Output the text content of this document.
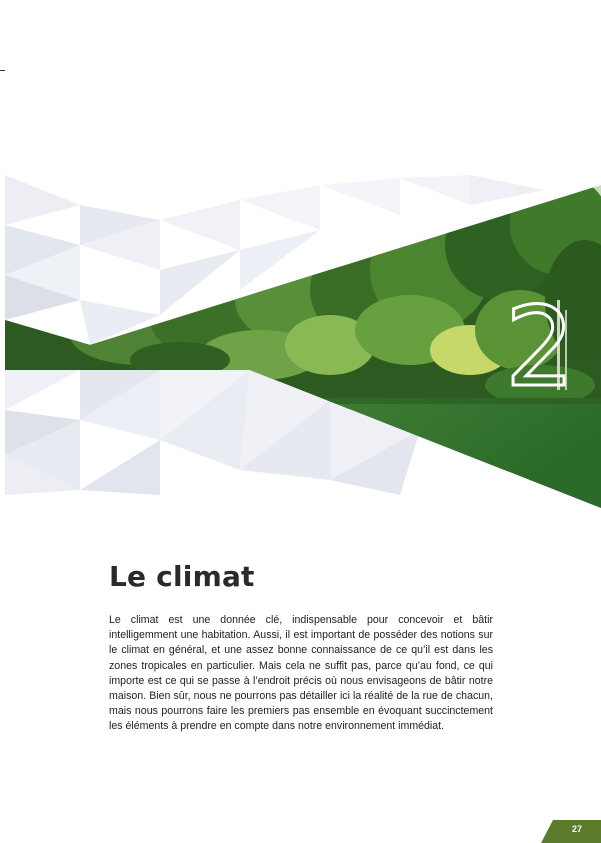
2
Le climat

Le climat est une donnée clé, indispensable pour concevoir et bâtir intelligemment une habitation. Aussi, il est important de posséder des notions sur le climat en général, et une assez bonne connaissance de ce qu’il est dans les zones tropicales en particulier. Mais cela ne suffit pas, parce qu’au fond, ce qui importe est ce qui se passe à l’endroit précis où nous envisageons de bâtir notre maison. Bien sûr, nous ne pourrons pas détailler ici la réalité de la rue de chacun, mais nous pourrons faire les premiers pas ensemble en évoquant succinctement les éléments à prendre en compte dans notre environnement immédiat.

27
